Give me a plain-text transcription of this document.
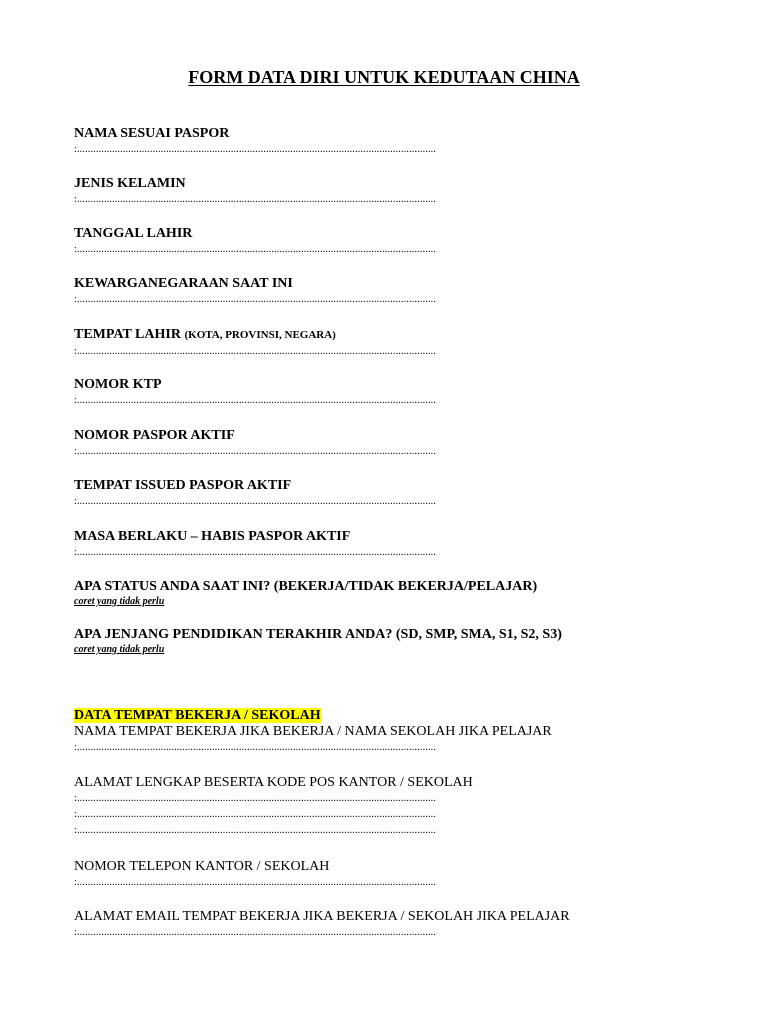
FORM DATA DIRI UNTUK KEDUTAAN CHINA
NAMA SESUAI PASPOR
:.....................................................................................................................................
JENIS KELAMIN
:.....................................................................................................................................
TANGGAL LAHIR
:.....................................................................................................................................
KEWARGANEGARAAN SAAT INI
:.....................................................................................................................................
TEMPAT LAHIR (KOTA, PROVINSI, NEGARA)
:.....................................................................................................................................
NOMOR KTP
:.....................................................................................................................................
NOMOR PASPOR AKTIF
:.....................................................................................................................................
TEMPAT ISSUED PASPOR AKTIF
:.....................................................................................................................................
MASA BERLAKU – HABIS PASPOR AKTIF
:.....................................................................................................................................
APA STATUS ANDA SAAT INI? (BEKERJA/TIDAK BEKERJA/PELAJAR)
coret yang tidak perlu
APA JENJANG PENDIDIKAN TERAKHIR ANDA? (SD, SMP, SMA, S1, S2, S3)
coret yang tidak perlu
DATA TEMPAT BEKERJA / SEKOLAH
NAMA TEMPAT BEKERJA JIKA BEKERJA / NAMA SEKOLAH JIKA PELAJAR
:.....................................................................................................................................
ALAMAT LENGKAP BESERTA KODE POS KANTOR / SEKOLAH
:.....................................................................................................................................
:.....................................................................................................................................
:.....................................................................................................................................
NOMOR TELEPON KANTOR / SEKOLAH
:.....................................................................................................................................
ALAMAT EMAIL TEMPAT BEKERJA JIKA BEKERJA / SEKOLAH JIKA PELAJAR
:.....................................................................................................................................
